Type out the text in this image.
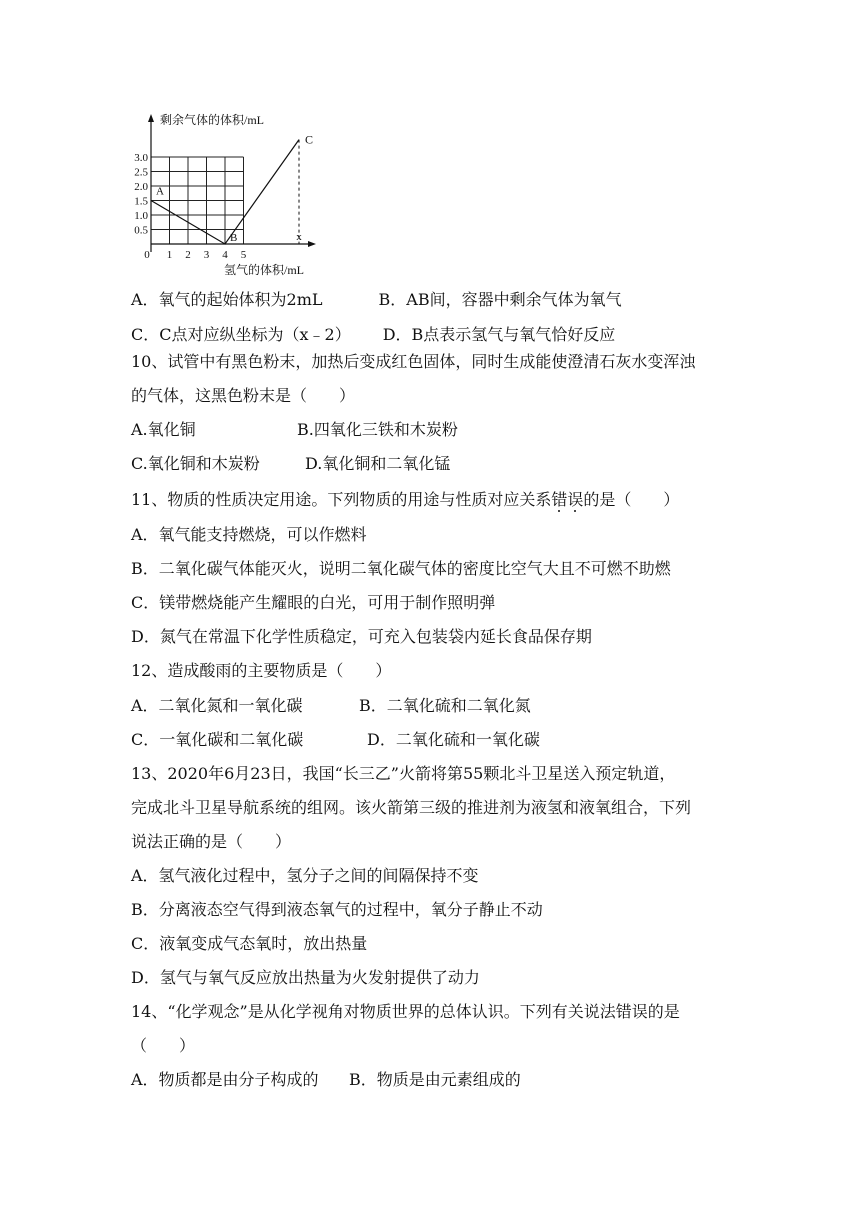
剩余气体的体积/mL
氢气的体积/mL
0.5
1.0
1.5
2.0
2.5
3.0
0 1 2 3 4 5
x
A
B
C
A．氧气的起始体积为2mL	B．AB间，容器中剩余气体为氧气
C．C点对应纵坐标为（x﹣2） D．B点表示氢气与氧气恰好反应
10、试管中有黑色粉末，加热后变成红色固体，同时生成能使澄清石灰水变浑浊
的气体，这黑色粉末是（　　）
A.氧化铜	B.四氧化三铁和木炭粉
C.氧化铜和木炭粉	D.氧化铜和二氧化锰
11、物质的性质决定用途。下列物质的用途与性质对应关系错误的是（　　）
A．氧气能支持燃烧，可以作燃料
B．二氧化碳气体能灭火，说明二氧化碳气体的密度比空气大且不可燃不助燃
C．镁带燃烧能产生耀眼的白光，可用于制作照明弹
D．氮气在常温下化学性质稳定，可充入包装袋内延长食品保存期
12、造成酸雨的主要物质是（　　）
A．二氧化氮和一氧化碳	B．二氧化硫和二氧化氮
C．一氧化碳和二氧化碳	D．二氧化硫和一氧化碳
13、2020年6月23日，我国“长三乙”火箭将第55颗北斗卫星送入预定轨道，
完成北斗卫星导航系统的组网。该火箭第三级的推进剂为液氢和液氧组合，下列
说法正确的是（　　）
A．氢气液化过程中，氢分子之间的间隔保持不变
B．分离液态空气得到液态氧气的过程中，氧分子静止不动
C．液氧变成气态氧时，放出热量
D．氢气与氧气反应放出热量为火发射提供了动力
14、“化学观念”是从化学视角对物质世界的总体认识。下列有关说法错误的是
（　　）
A．物质都是由分子构成的 B．物质是由元素组成的
